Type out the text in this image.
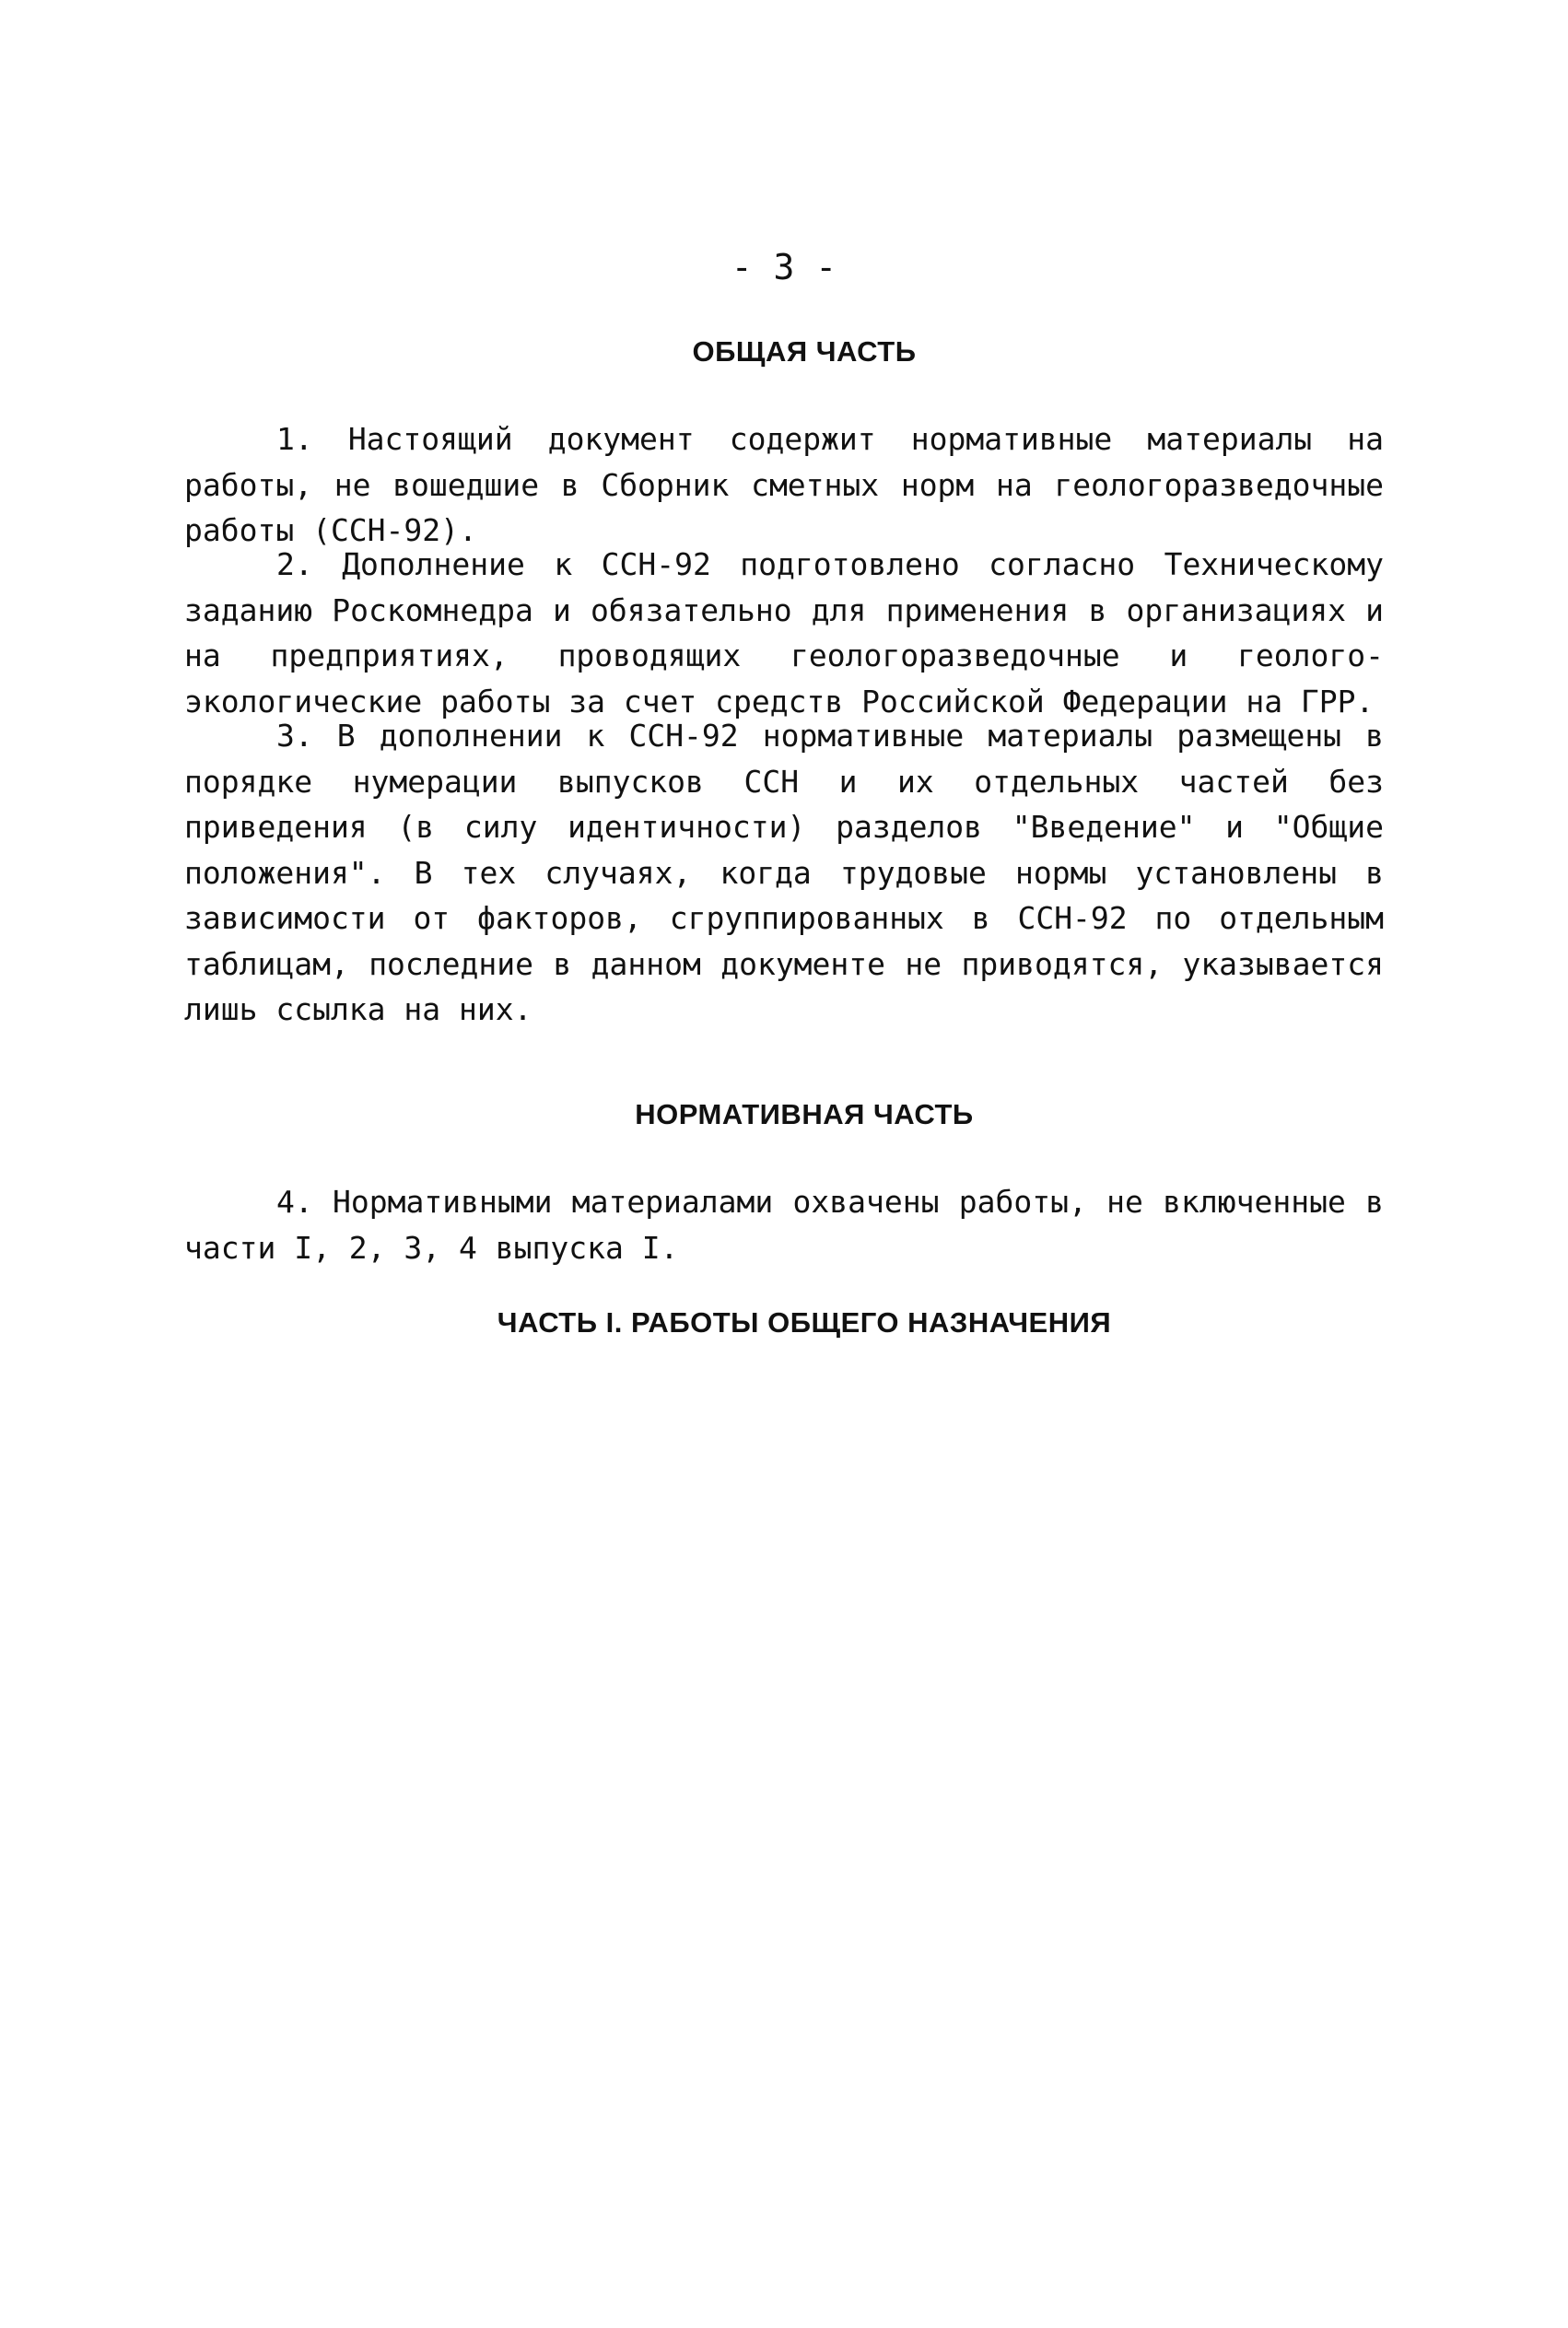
- 3 -
ОБЩАЯ ЧАСТЬ

1. Настоящий документ содержит нормативные материалы на работы, не вошедшие в Сборник сметных норм на геологоразведочные работы (ССН-92).

2. Дополнение к ССН-92 подготовлено согласно Техническому заданию Роскомнедра и обязательно для применения в организациях и на предприятиях, проводящих геологоразведочные и геолого-экологические работы за счет средств Российской Федерации на ГРР.

3. В дополнении к ССН-92 нормативные материалы размещены в порядке нумерации выпусков ССН и их отдельных частей без приведения (в силу идентичности) разделов "Введение" и "Общие положения". В тех случаях, когда трудовые нормы установлены в зависимости от факторов, сгруппированных в ССН-92 по отдельным таблицам, последние в данном документе не приводятся, указывается лишь ссылка на них.

НОРМАТИВНАЯ ЧАСТЬ

4. Нормативными материалами охвачены работы, не включенные в части I, 2, 3, 4 выпуска I.

ЧАСТЬ I. РАБОТЫ ОБЩЕГО НАЗНАЧЕНИЯ
